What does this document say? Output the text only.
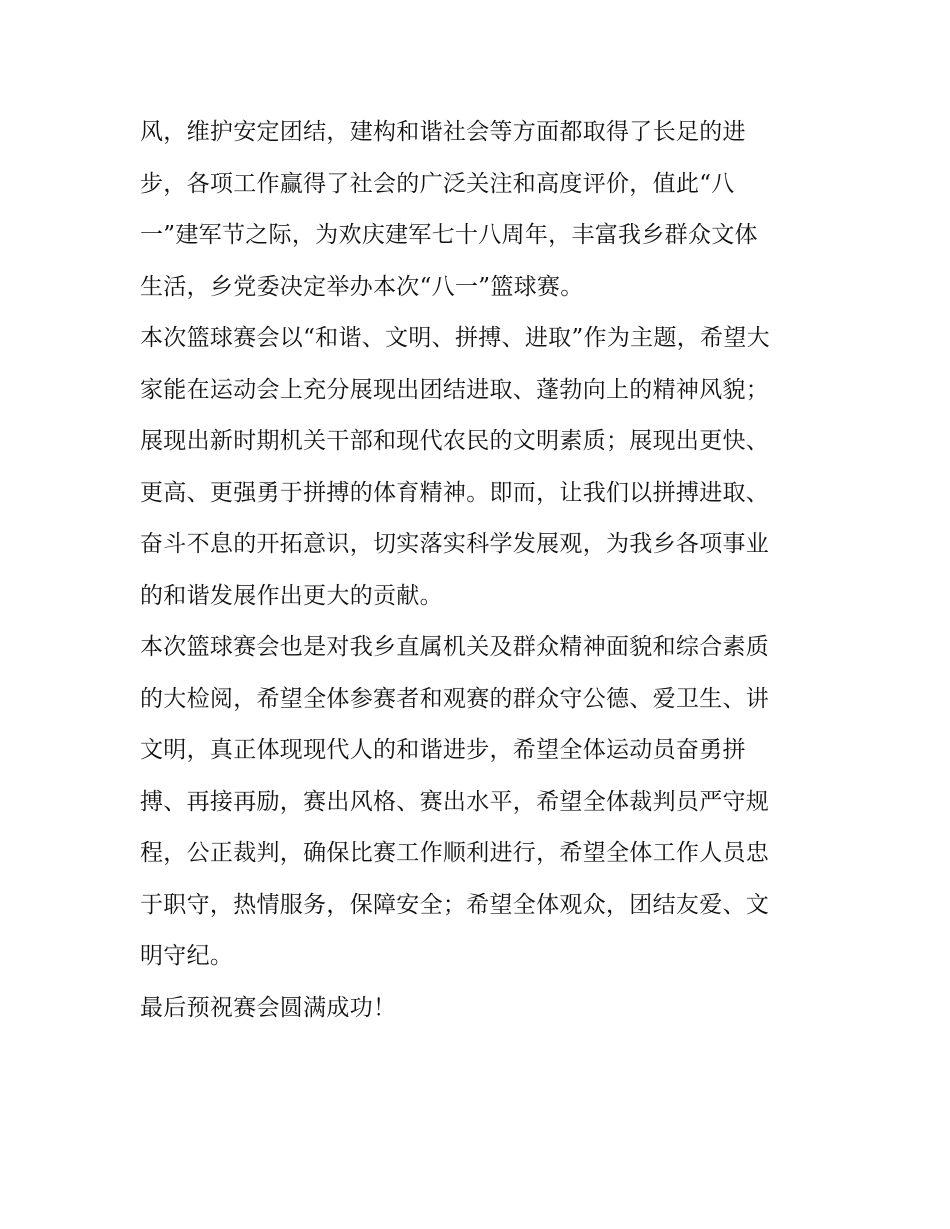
风，维护安定团结，建构和谐社会等方面都取得了长足的进
步，各项工作赢得了社会的广泛关注和高度评价，值此“八
一”建军节之际，为欢庆建军七十八周年，丰富我乡群众文体
生活，乡党委决定举办本次“八一”篮球赛。
本次篮球赛会以“和谐、文明、拼搏、进取”作为主题，希望大
家能在运动会上充分展现出团结进取、蓬勃向上的精神风貌；
展现出新时期机关干部和现代农民的文明素质；展现出更快、
更高、更强勇于拼搏的体育精神。即而，让我们以拼搏进取、
奋斗不息的开拓意识，切实落实科学发展观，为我乡各项事业
的和谐发展作出更大的贡献。
本次篮球赛会也是对我乡直属机关及群众精神面貌和综合素质
的大检阅，希望全体参赛者和观赛的群众守公德、爱卫生、讲
文明，真正体现现代人的和谐进步，希望全体运动员奋勇拼
搏、再接再励，赛出风格、赛出水平，希望全体裁判员严守规
程，公正裁判，确保比赛工作顺利进行，希望全体工作人员忠
于职守，热情服务，保障安全；希望全体观众，团结友爱、文
明守纪。
最后预祝赛会圆满成功！
